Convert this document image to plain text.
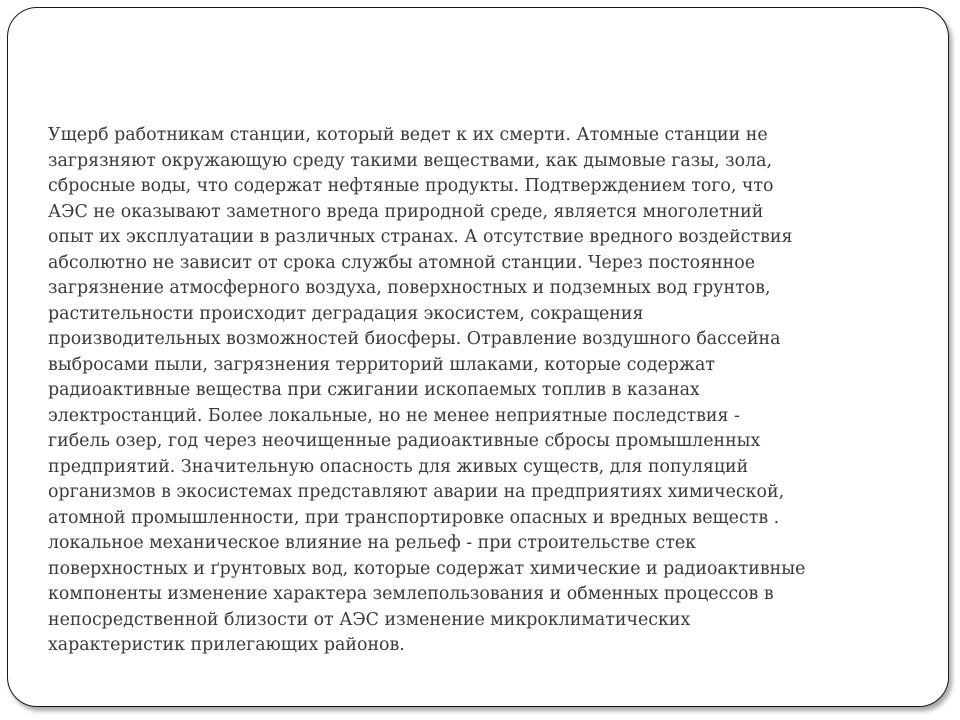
Ущерб работникам станции, который ведет к их смерти. Атомные станции не
загрязняют окружающую среду такими веществами, как дымовые газы, зола,
сбросные воды, что содержат нефтяные продукты. Подтверждением того, что
АЭС не оказывают заметного вреда природной среде, является многолетний
опыт их эксплуатации в различных странах. А отсутствие вредного воздействия
абсолютно не зависит от срока службы атомной станции. Через постоянное
загрязнение атмосферного воздуха, поверхностных и подземных вод грунтов,
растительности происходит деградация экосистем, сокращения
производительных возможностей биосферы. Отравление воздушного бассейна
выбросами пыли, загрязнения территорий шлаками, которые содержат
радиоактивные вещества при сжигании ископаемых топлив в казанах
электростанций. Более локальные, но не менее неприятные последствия -
гибель озер, год через неочищенные радиоактивные сбросы промышленных
предприятий. Значительную опасность для живых существ, для популяций
организмов в экосистемах представляют аварии на предприятиях химической,
атомной промышленности, при транспортировке опасных и вредных веществ .
локальное механическое влияние на рельеф - при строительстве стек
поверхностных и ґрунтовых вод, которые содержат химические и радиоактивные
компоненты изменение характера землепользования и обменных процессов в
непосредственной близости от АЭС изменение микроклиматических
характеристик прилегающих районов.
